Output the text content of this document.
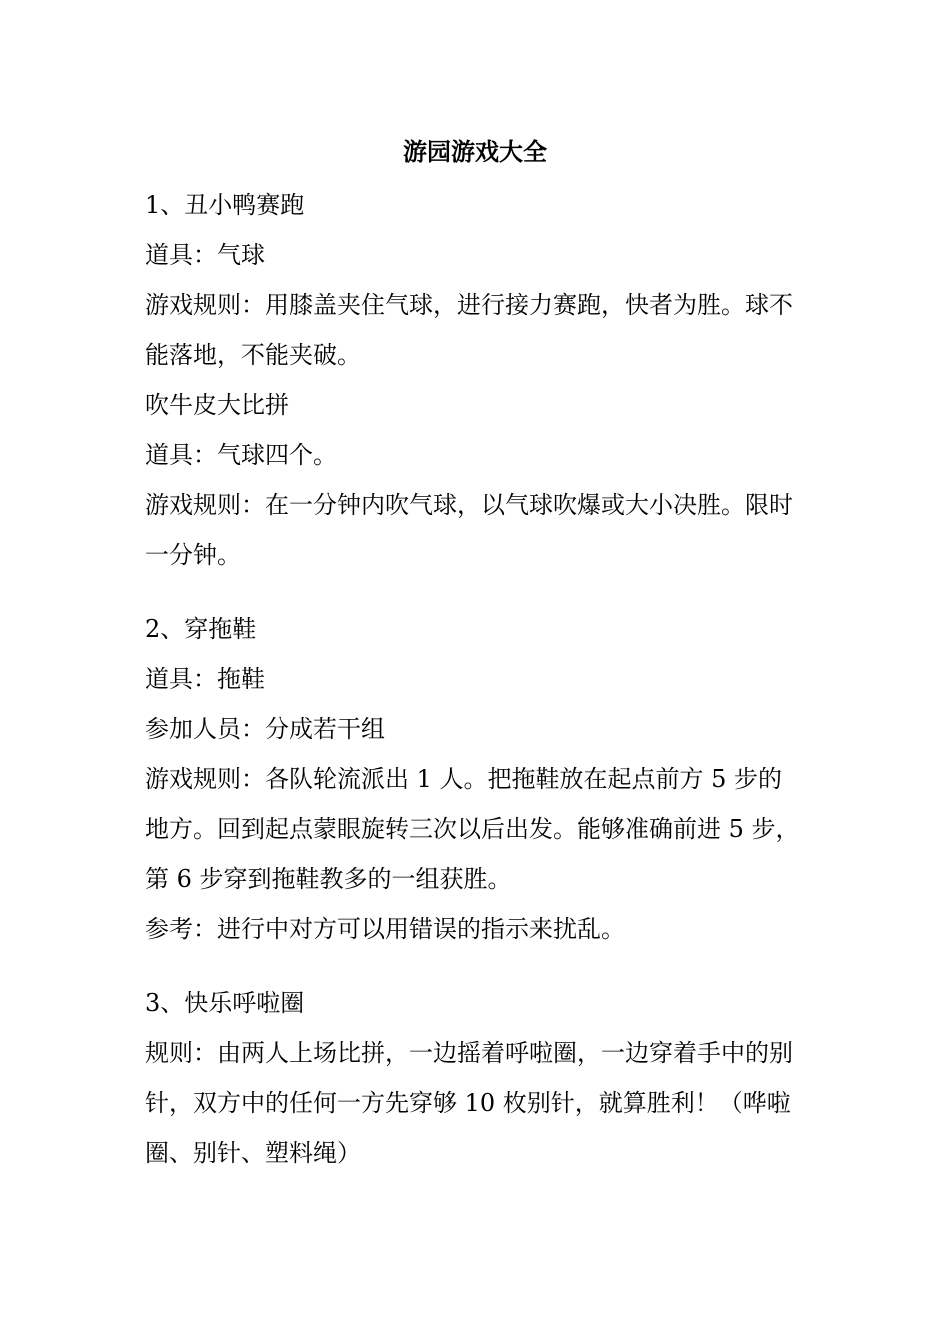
游园游戏大全
1、丑小鸭赛跑
道具：气球
游戏规则：用膝盖夹住气球，进行接力赛跑，快者为胜。球不
能落地，不能夹破。
吹牛皮大比拼
道具：气球四个。
游戏规则：在一分钟内吹气球，以气球吹爆或大小决胜。限时
一分钟。
2、穿拖鞋
道具：拖鞋
参加人员：分成若干组
游戏规则：各队轮流派出 1 人。把拖鞋放在起点前方 5 步的
地方。回到起点蒙眼旋转三次以后出发。能够准确前进 5 步，
第 6 步穿到拖鞋教多的一组获胜。
参考：进行中对方可以用错误的指示来扰乱。
3、快乐呼啦圈
规则：由两人上场比拼，一边摇着呼啦圈，一边穿着手中的别
针，双方中的任何一方先穿够 10 枚别针，就算胜利！（哗啦
圈、别针、塑料绳）
